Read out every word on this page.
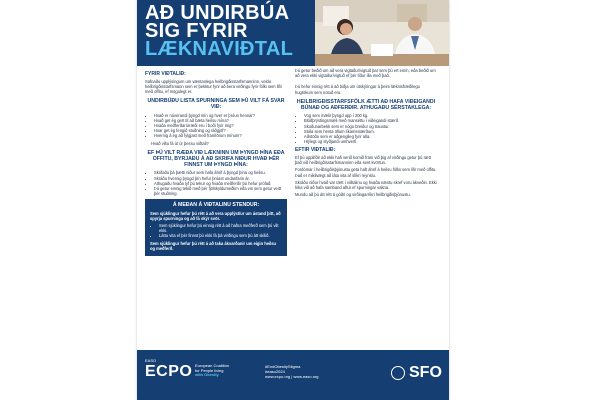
AÐ UNDIRBÚA
SIG FYRIR
LÆKNAVIÐTAL
FYRIR VIÐTALIÐ:

Safnaðu upplýsingum um væntanlega heilbrigðisstarfsmanninn, veldu heilbrigðisstarfsmann sem er þekktur fyrir að bera virðingu fyrir fólki sem lifir með offitu, ef mögulegt er.

UNDIRBÚÐU LISTA SPURNINGA SEM ÞÚ VILT FÁ SVAR VIÐ:
• Hvað er núverandi þyngd mín og hver er þróun hennar?
• Hvað get ég gert til að bæta heilsu mína?
• Hvaða meðferðarúrræði eru í boði fyrir mig?
• Hvar get ég fengið stuðning og ráðgjöf?
• Hvernig á ég að fylgjast með framförum mínum?

Hvað viltu fá út úr þessu viðtali?

EF ÞÚ VILT RÆÐA VIÐ LÆKNINN UM ÞYNGD ÞÍNA EÐA OFFITU, BYRJAÐU Á AÐ SKRIFA NIÐUR HVAÐ ÞÉR FINNST UM ÞYNGD ÞÍNA:
• Skrifaðu þá þætti niður sem hafa áhrif á þyngd þína og heilsu.
• Skráðu hvernig þyngd þín hefur þróast undanfarin ár.
• Athugaðu hvaða lyf þú tekur og hvaða meðferðir þú hefur prófað.
• Þú getur einnig tekið með þér fjölskyldumeðlim eða vin sem getur veitt þér stuðning.
Á MEÐAN Á VIÐTALINU STENDUR:

Sem sjúklingur hefur þú rétt á að vera upplýst/ur um ástand þitt, að spyrja spurninga og að fá skýr svör.

• Sem sjúklingur hefur þú einnig rétt á að hafna meðferð sem þú vilt ekki.
• Láttu vita ef þér finnst þú ekki fá þá virðingu sem þú átt skilið.

Sem sjúklingur hefur þú rétt á að taka ákvarðanir um eigin heilsu og meðferð.

Þú getur beðið um að vera vigtaður/vigtuð þar sem þú ert ein/n, eða beðið um að vera ekki vigtaður/vigtuð ef þér líður illa með það.

Þú hefur einnig rétt á að biðja um útskýringar á þeim læknisfræðilegu hugtökum sem notuð eru.

HEILBRIGÐISSTARFSFÓLK ÆTTI AÐ HAFA VIÐEIGANDI BÚNAÐ OG AÐFERÐIR. ATHUGAÐU SÉRSTAKLEGA:
• Vog sem mælir þyngd upp í 200 kg.
• Blóðþrýstingsmæli með manséttu í viðeigandi stærð.
• Skoðunarbekk sem er nógu breiður og traustur.
• Stóla sem henta öllum líkamsstærðum.
• Aðstöðu sem er aðgengileg fyrir alla.
• Hlýlegt og styðjandi umhverfi.
EFTIR VIÐTALIÐ:

Ef þú upplifðir að ekki hafi verið komið fram við þig af virðingu getur þú rætt það við heilbrigðisstarfsmanninn eða sent kvörtun.

Fordómar í heilbrigðisþjónustu geta haft áhrif á heilsu fólks sem lifir með offitu. Það er mikilvægt að láta vita af slíkri reynslu.

Skráðu niður hvað var rætt í viðtalinu og hvaða næstu skref voru ákveðin. Ekki hika við að hafa samband aftur ef spurningar vakna.

Mundu að þú átt rétt á góðri og virðingarríkri heilbrigðisþjónustu.

EASO
ECPO European Coalition
for People living
with Obesity
#EndObesityStigma
#easo2024
www.ecpo.org | www.easo.org	SFO
